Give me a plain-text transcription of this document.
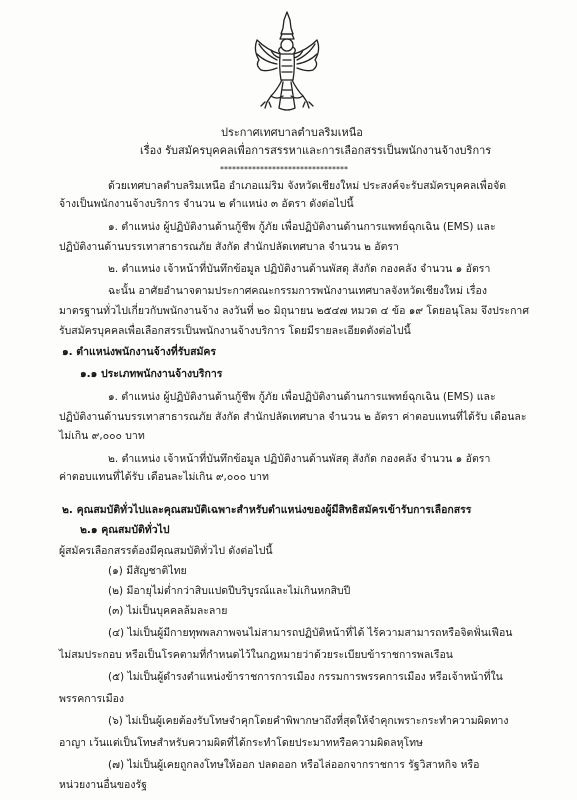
ประกาศเทศบาลตำบลริมเหนือ
เรื่อง รับสมัครบุคคลเพื่อการสรรหาและการเลือกสรรเป็นพนักงานจ้างบริการ
********************************
ด้วยเทศบาลตำบลริมเหนือ อำเภอแม่ริม จังหวัดเชียงใหม่ ประสงค์จะรับสมัครบุคคลเพื่อจัด
จ้างเป็นพนักงานจ้างบริการ จำนวน ๒ ตำแหน่ง ๓ อัตรา ดังต่อไปนี้
๑. ตำแหน่ง ผู้ปฏิบัติงานด้านกู้ชีพ กู้ภัย เพื่อปฏิบัติงานด้านการแพทย์ฉุกเฉิน (EMS) และ
ปฏิบัติงานด้านบรรเทาสาธารณภัย สังกัด สำนักปลัดเทศบาล จำนวน ๒ อัตรา
๒. ตำแหน่ง เจ้าหน้าที่บันทึกข้อมูล ปฏิบัติงานด้านพัสดุ สังกัด กองคลัง จำนวน ๑ อัตรา
ฉะนั้น อาศัยอำนาจตามประกาศคณะกรรมการพนักงานเทศบาลจังหวัดเชียงใหม่ เรื่อง
มาตรฐานทั่วไปเกี่ยวกับพนักงานจ้าง ลงวันที่ ๒๐ มิถุนายน ๒๕๔๗ หมวด ๔ ข้อ ๑๙ โดยอนุโลม จึงประกาศ
รับสมัครบุคคลเพื่อเลือกสรรเป็นพนักงานจ้างบริการ โดยมีรายละเอียดดังต่อไปนี้
๑. ตำแหน่งพนักงานจ้างที่รับสมัคร
๑.๑ ประเภทพนักงานจ้างบริการ
๑. ตำแหน่ง ผู้ปฏิบัติงานด้านกู้ชีพ กู้ภัย เพื่อปฏิบัติงานด้านการแพทย์ฉุกเฉิน (EMS) และ
ปฏิบัติงานด้านบรรเทาสาธารณภัย สังกัด สำนักปลัดเทศบาล จำนวน ๒ อัตรา ค่าตอบแทนที่ได้รับ เดือนละ
ไม่เกิน ๙,๐๐๐ บาท
๒. ตำแหน่ง เจ้าหน้าที่บันทึกข้อมูล ปฏิบัติงานด้านพัสดุ สังกัด กองคลัง จำนวน ๑ อัตรา
ค่าตอบแทนที่ได้รับ เดือนละไม่เกิน ๙,๐๐๐ บาท
๒. คุณสมบัติทั่วไปและคุณสมบัติเฉพาะสำหรับตำแหน่งของผู้มีสิทธิสมัครเข้ารับการเลือกสรร
๒.๑ คุณสมบัติทั่วไป
ผู้สมัครเลือกสรรต้องมีคุณสมบัติทั่วไป ดังต่อไปนี้
(๑) มีสัญชาติไทย
(๒) มีอายุไม่ต่ำกว่าสิบแปดปีบริบูรณ์และไม่เกินหกสิบปี
(๓) ไม่เป็นบุคคลล้มละลาย
(๔) ไม่เป็นผู้มีกายทุพพลภาพจนไม่สามารถปฏิบัติหน้าที่ได้ ไร้ความสามารถหรือจิตฟั่นเฟือน
ไม่สมประกอบ หรือเป็นโรคตามที่กำหนดไว้ในกฎหมายว่าด้วยระเบียบข้าราชการพลเรือน
(๕) ไม่เป็นผู้ดำรงตำแหน่งข้าราชการการเมือง กรรมการพรรคการเมือง หรือเจ้าหน้าที่ใน
พรรคการเมือง
(๖) ไม่เป็นผู้เคยต้องรับโทษจำคุกโดยคำพิพากษาถึงที่สุดให้จำคุกเพราะกระทำความผิดทาง
อาญา เว้นแต่เป็นโทษสำหรับความผิดที่ได้กระทำโดยประมาทหรือความผิดลหุโทษ
(๗) ไม่เป็นผู้เคยถูกลงโทษให้ออก ปลดออก หรือไล่ออกจากราชการ รัฐวิสาหกิจ หรือ
หน่วยงานอื่นของรัฐ
